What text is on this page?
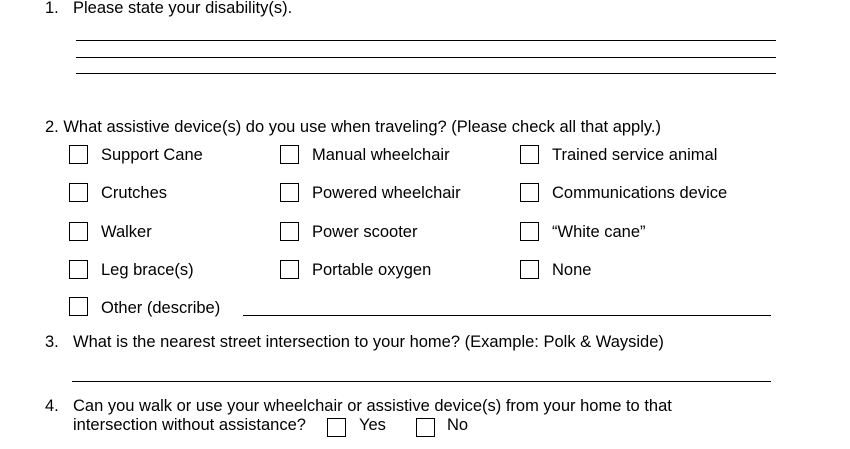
1. Please state your disability(s).
2. What assistive device(s) do you use when traveling? (Please check all that apply.)
Support Cane	Manual wheelchair	Trained service animal
Crutches	Powered wheelchair	Communications device
Walker	Power scooter	“White cane”
Leg brace(s)	Portable oxygen	None
Other (describe)
3. What is the nearest street intersection to your home? (Example: Polk & Wayside)
4. Can you walk or use your wheelchair or assistive device(s) from your home to that
intersection without assistance?	Yes	No
